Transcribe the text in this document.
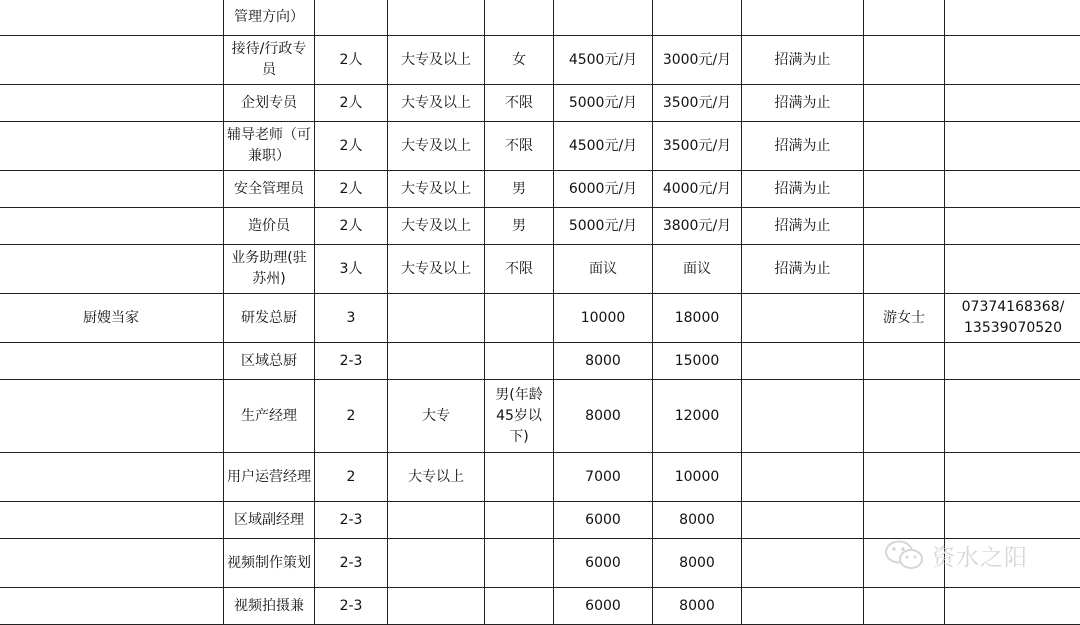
	管理方向）								
	接待/行政专员	2人	大专及以上	女	4500元/月	3000元/月	招满为止		
	企划专员	2人	大专及以上	不限	5000元/月	3500元/月	招满为止		
	辅导老师（可兼职）	2人	大专及以上	不限	4500元/月	3500元/月	招满为止		
	安全管理员	2人	大专及以上	男	6000元/月	4000元/月	招满为止		
	造价员	2人	大专及以上	男	5000元/月	3800元/月	招满为止		
	业务助理(驻苏州)	3人	大专及以上	不限	面议	面议	招满为止		
厨嫂当家	研发总厨	3			10000	18000		游女士	07374168368/ 13539070520
	区域总厨	2-3			8000	15000			
	生产经理	2	大专	男(年龄45岁以下)	8000	12000			
	用户运营经理	2	大专以上		7000	10000			
	区域副经理	2-3			6000	8000			
	视频制作策划	2-3			6000	8000			
	视频拍摄兼	2-3			6000	8000			
资水之阳
